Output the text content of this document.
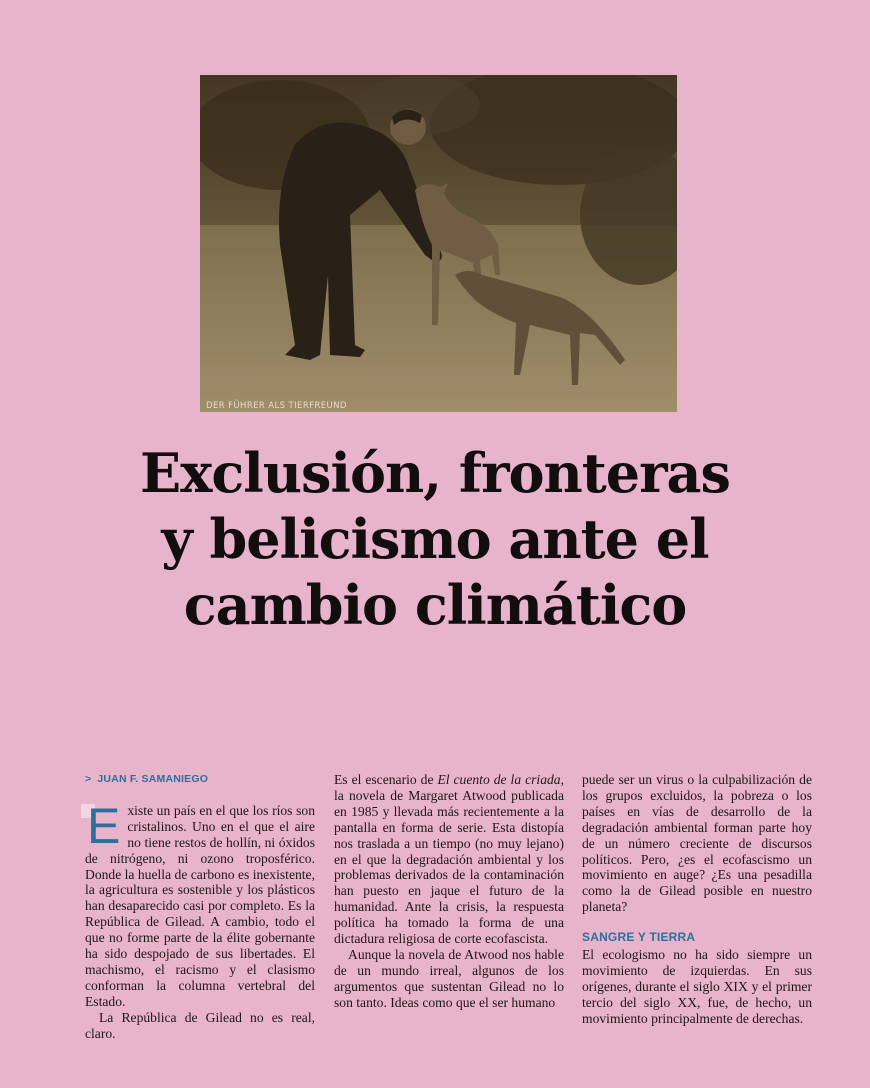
DER FÜHRER ALS TIERFREUND
Exclusión, fronteras
y belicismo ante el
cambio climático
> JUAN F. SAMANIEGO

Existe un país en el que los ríos son cristalinos. Uno en el que el aire no tiene restos de hollín, ni óxidos de nitrógeno, ni ozono troposférico. Donde la huella de carbono es inexistente, la agricultura es sostenible y los plásticos han desaparecido casi por completo. Es la República de Gilead. A cambio, todo el que no forme parte de la élite gobernante ha sido despojado de sus libertades. El machismo, el racismo y el clasismo conforman la columna vertebral del Estado.

La República de Gilead no es real, claro.

Es el escenario de El cuento de la criada, la novela de Margaret Atwood publicada en 1985 y llevada más recientemente a la pantalla en forma de serie. Esta distopía nos traslada a un tiempo (no muy lejano) en el que la degradación ambiental y los problemas derivados de la contaminación han puesto en jaque el futuro de la humanidad. Ante la crisis, la respuesta política ha tomado la forma de una dictadura religiosa de corte ecofascista.

Aunque la novela de Atwood nos hable de un mundo irreal, algunos de los argumentos que sustentan Gilead no lo son tanto. Ideas como que el ser humano

puede ser un virus o la culpabilización de los grupos excluidos, la pobreza o los países en vías de desarrollo de la degradación ambiental forman parte hoy de un número creciente de discursos políticos. Pero, ¿es el ecofascismo un movimiento en auge? ¿Es una pesadilla como la de Gilead posible en nuestro planeta?

SANGRE Y TIERRA

El ecologismo no ha sido siempre un movimiento de izquierdas. En sus orígenes, durante el siglo XIX y el primer tercio del siglo XX, fue, de hecho, un movimiento principalmente de derechas.
